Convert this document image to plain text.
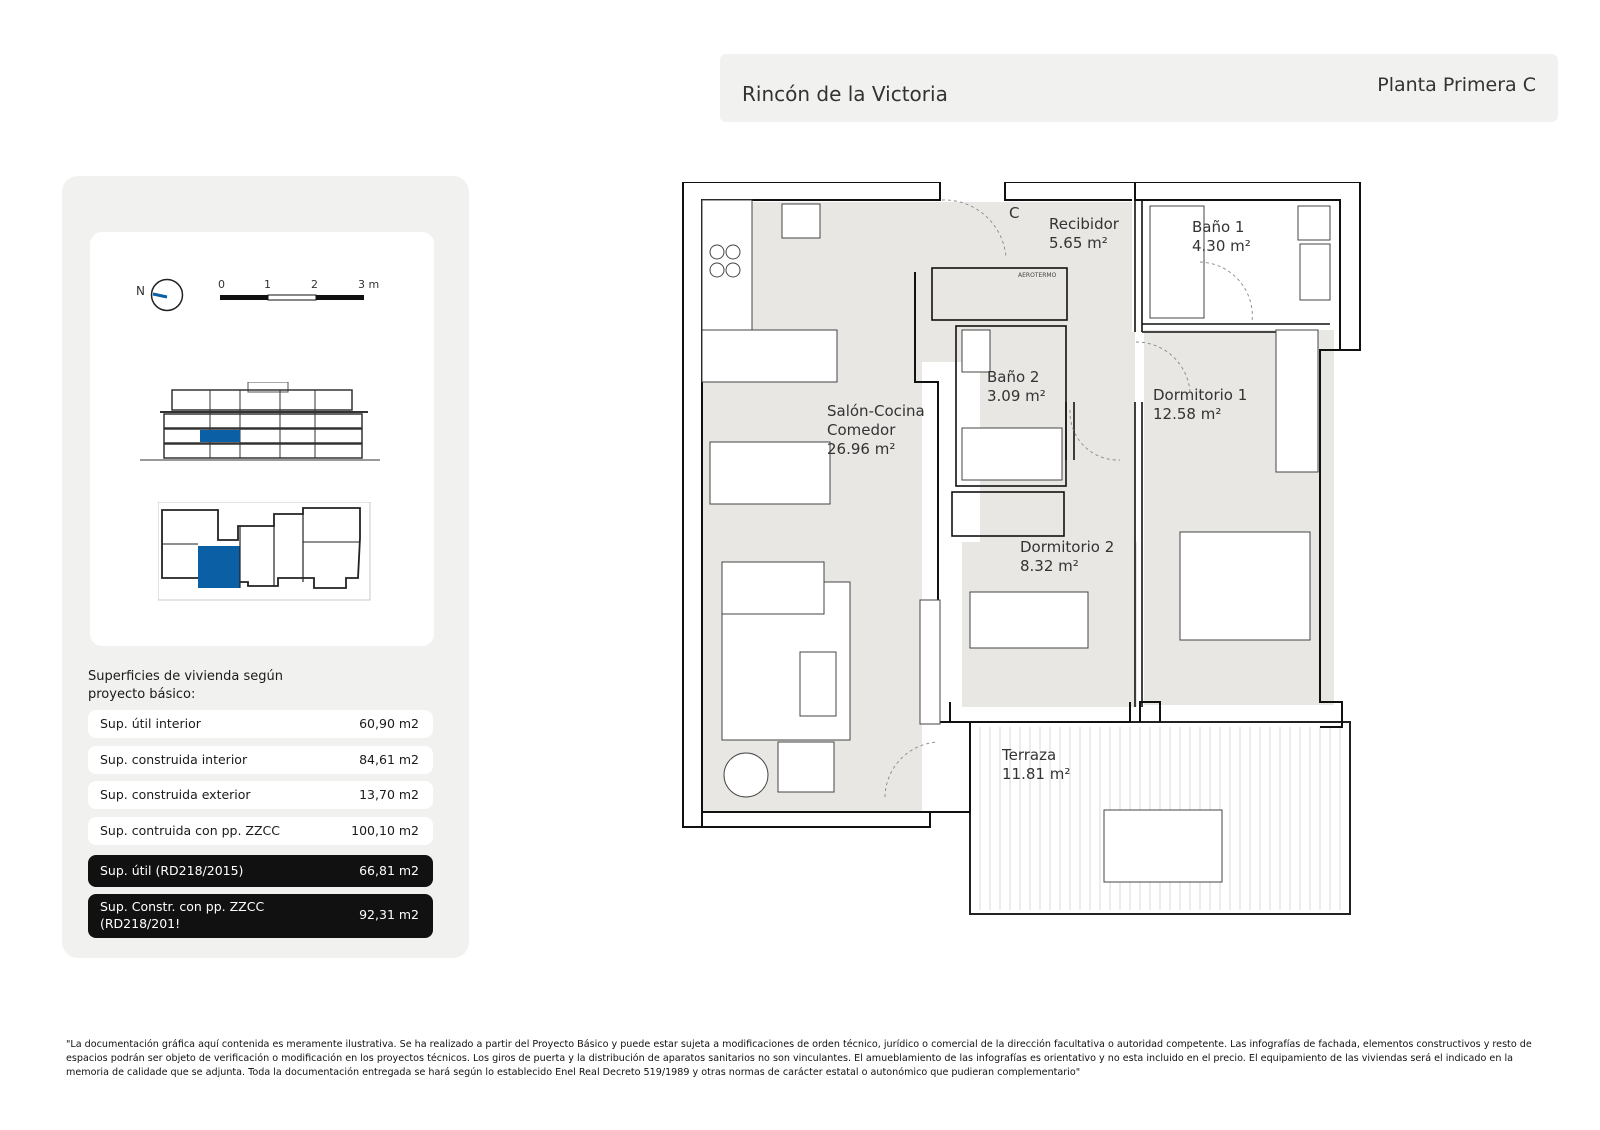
Rincón de la Victoria	Planta Primera C
N	0	1	2	3 m
Superficies de vivienda según
proyecto básico:
Sup. útil interior	60,90 m2
Sup. construida interior	84,61 m2
Sup. construida exterior	13,70 m2
Sup. contruida con pp. ZZCC	100,10 m2
Sup. útil (RD218/2015)	66,81 m2
Sup. Constr. con pp. ZZCC
(RD218/201!
92,31 m2
C
AEROTERMO
Recibidor
5.65 m²
Baño 1
4.30 m²
Baño 2
3.09 m²
Salón-Cocina
Comedor
26.96 m²
Dormitorio 1
12.58 m²
Dormitorio 2
8.32 m²
Terraza
11.81 m²
"La documentación gráfica aquí contenida es meramente ilustrativa. Se ha realizado a partir del Proyecto Básico y puede estar sujeta a modificaciones de orden técnico, jurídico o comercial de la dirección facultativa o autoridad competente. Las infografías de fachada, elementos constructivos y resto de espacios podrán ser objeto de verificación o modificación en los proyectos técnicos. Los giros de puerta y la distribución de aparatos sanitarios no son vinculantes. El amueblamiento de las infografías es orientativo y no esta incluido en el precio. El equipamiento de las viviendas será el indicado en la memoria de calidade que se adjunta. Toda la documentación entregada se hará según lo establecido Enel Real Decreto 519/1989 y otras normas de carácter estatal o autonómico que pudieran complementario"
